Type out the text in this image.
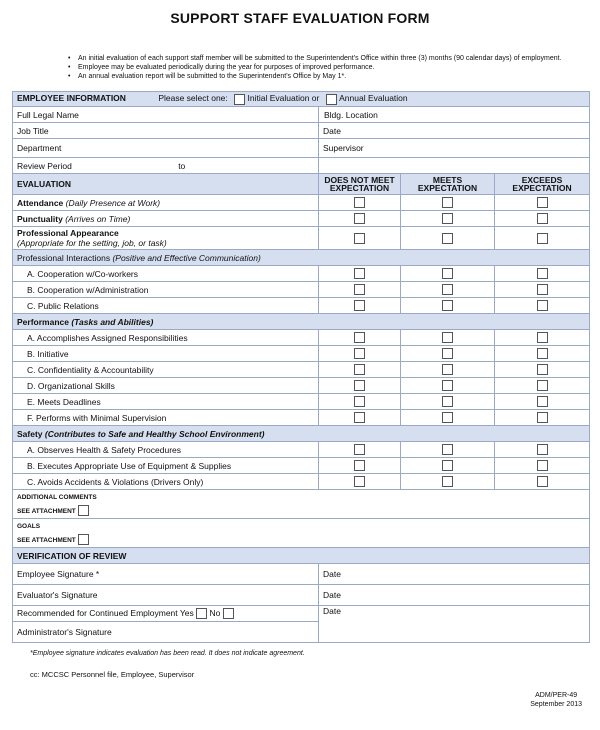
SUPPORT STAFF EVALUATION FORM
• An initial evaluation of each support staff member will be submitted to the Superintendent's Office within three (3) months (90 calendar days) of employment.
• Employee may be evaluated periodically during the year for purposes of improved performance.
• An annual evaluation report will be submitted to the Superintendent's Office by May 1*.
EMPLOYEE INFORMATION Please select one: Initial Evaluation or Annual Evaluation			
Full Legal Name	Bldg. Location		
Job Title	Date		
Department	Supervisor		
Review Period to			
EVALUATION	DOES NOT MEET EXPECTATION	MEETS EXPECTATION	EXCEEDS EXPECTATION
Attendance (Daily Presence at Work)			
Punctuality (Arrives on Time)			
Professional Appearance
(Appropriate for the setting, job, or task)			
Professional Interactions (Positive and Effective Communication)			
A. Cooperation w/Co-workers			
B. Cooperation w/Administration			
C. Public Relations			
Performance (Tasks and Abilities)			
A. Accomplishes Assigned Responsibilities			
B. Initiative			
C. Confidentiality & Accountability			
D. Organizational Skills			
E. Meets Deadlines			
F. Performs with Minimal Supervision			
Safety (Contributes to Safe and Healthy School Environment)			
A. Observes Health & Safety Procedures			
B. Executes Appropriate Use of Equipment & Supplies			
C. Avoids Accidents & Violations (Drivers Only)			
ADDITIONAL COMMENTS
SEE ATTACHMENT			
GOALS
SEE ATTACHMENT			
VERIFICATION OF REVIEW			
Employee Signature *	Date		
Evaluator's Signature	Date		
Recommended for Continued Employment Yes No	Date		
Administrator's Signature			
*Employee signature indicates evaluation has been read. It does not indicate agreement.
cc: MCCSC Personnel file, Employee, Supervisor
ADM/PER-49
September 2013
